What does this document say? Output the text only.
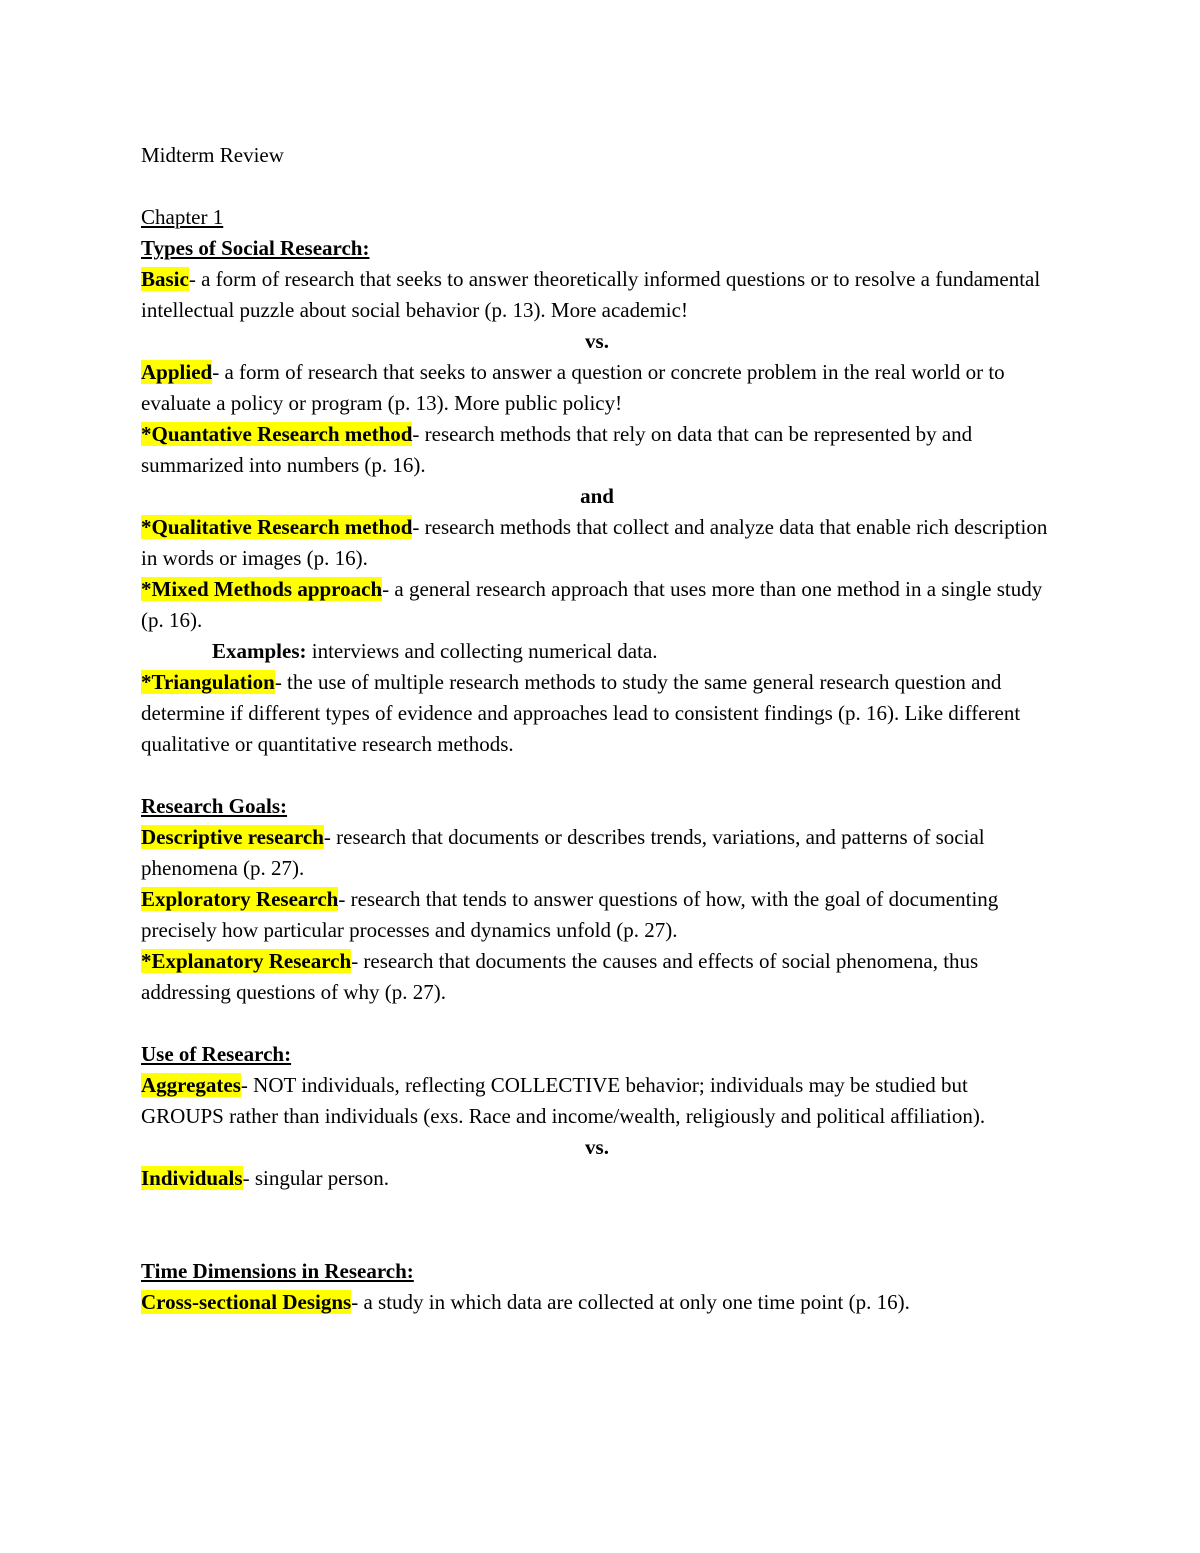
Midterm Review

Chapter 1

Types of Social Research:

Basic- a form of research that seeks to answer theoretically informed questions or to resolve a fundamental intellectual puzzle about social behavior (p. 13). More academic!

vs.

Applied- a form of research that seeks to answer a question or concrete problem in the real world or to evaluate a policy or program (p. 13). More public policy!

*Quantative Research method- research methods that rely on data that can be represented by and summarized into numbers (p. 16).

and

*Qualitative Research method- research methods that collect and analyze data that enable rich description in words or images (p. 16).

*Mixed Methods approach- a general research approach that uses more than one method in a single study (p. 16).

Examples: interviews and collecting numerical data.

*Triangulation- the use of multiple research methods to study the same general research question and determine if different types of evidence and approaches lead to consistent findings (p. 16). Like different qualitative or quantitative research methods.

Research Goals:

Descriptive research- research that documents or describes trends, variations, and patterns of social phenomena (p. 27).

Exploratory Research- research that tends to answer questions of how, with the goal of documenting precisely how particular processes and dynamics unfold (p. 27).

*Explanatory Research- research that documents the causes and effects of social phenomena, thus addressing questions of why (p. 27).

Use of Research:

Aggregates- NOT individuals, reflecting COLLECTIVE behavior; individuals may be studied but GROUPS rather than individuals (exs. Race and income/wealth, religiously and political affiliation).

vs.

Individuals- singular person.

Time Dimensions in Research:

Cross-sectional Designs- a study in which data are collected at only one time point (p. 16).
